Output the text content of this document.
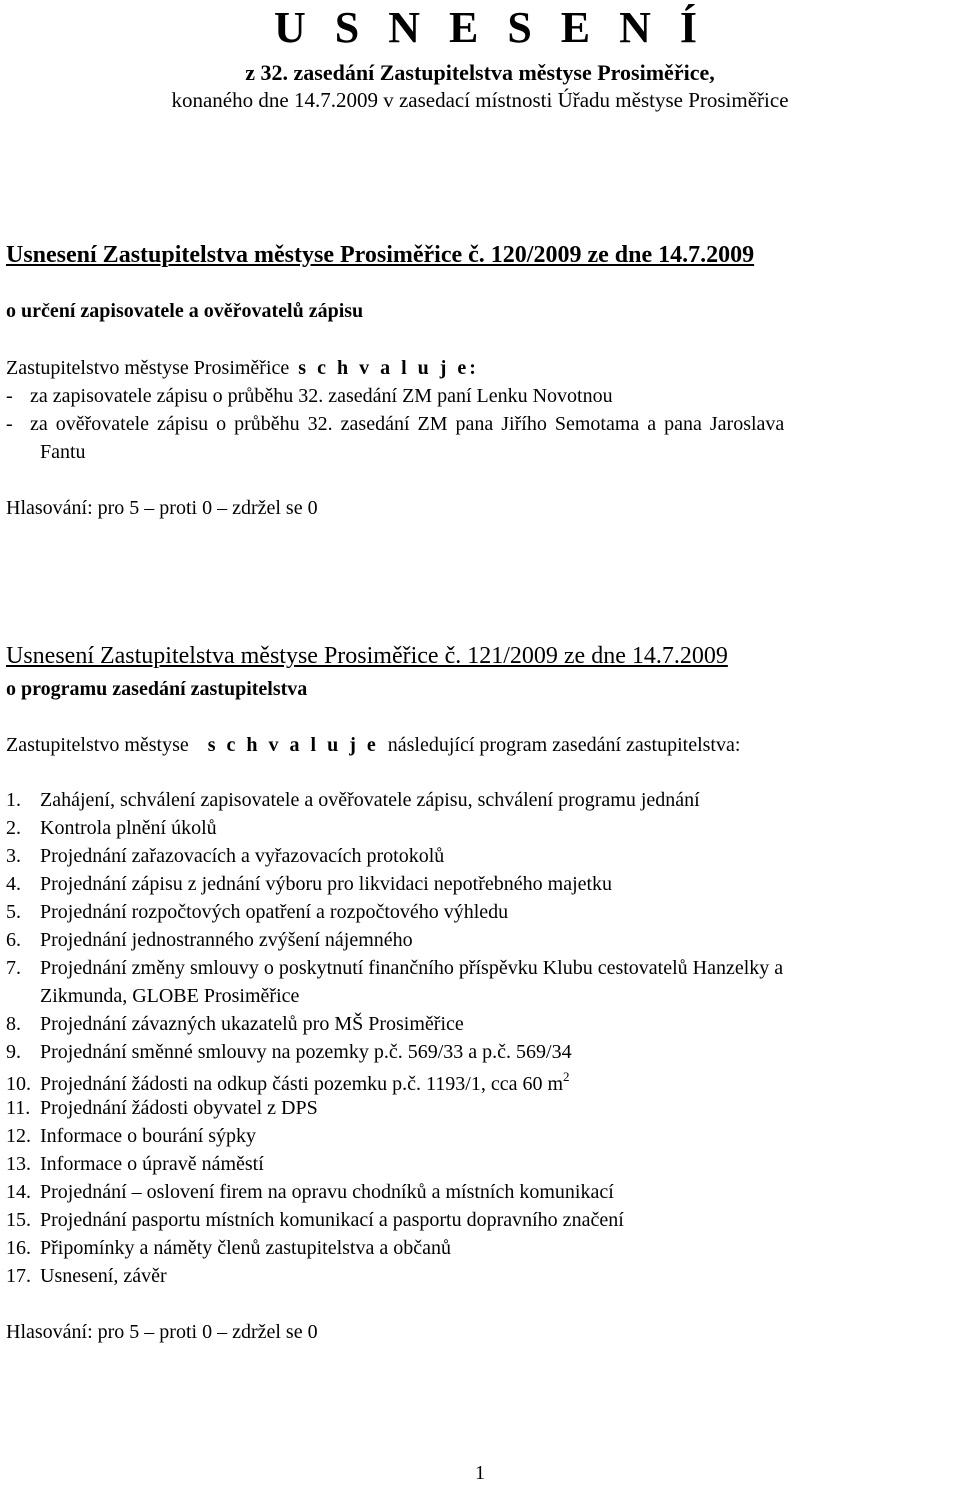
U S N E S E N Í
z 32. zasedání Zastupitelstva městyse Prosiměřice,
konaného dne 14.7.2009 v zasedací místnosti Úřadu městyse Prosiměřice
Usnesení Zastupitelstva městyse Prosiměřice č. 120/2009 ze dne 14.7.2009
o určení zapisovatele a ověřovatelů zápisu
Zastupitelstvo městyse Prosiměřice s c h v a l u j e:
- za zapisovatele zápisu o průběhu 32. zasedání ZM paní Lenku Novotnou
- za ověřovatele zápisu o průběhu 32. zasedání ZM pana Jiřího Semotama a pana Jaroslava
Fantu
Hlasování: pro 5 – proti 0 – zdržel se 0
Usnesení Zastupitelstva městyse Prosiměřice č. 121/2009 ze dne 14.7.2009
o programu zasedání zastupitelstva
Zastupitelstvo městyse s c h v a l u j e následující program zasedání zastupitelstva:
1. Zahájení, schválení zapisovatele a ověřovatele zápisu, schválení programu jednání
2. Kontrola plnění úkolů
3. Projednání zařazovacích a vyřazovacích protokolů
4. Projednání zápisu z jednání výboru pro likvidaci nepotřebného majetku
5. Projednání rozpočtových opatření a rozpočtového výhledu
6. Projednání jednostranného zvýšení nájemného
7. Projednání změny smlouvy o poskytnutí finančního příspěvku Klubu cestovatelů Hanzelky a
Zikmunda, GLOBE Prosiměřice
8. Projednání závazných ukazatelů pro MŠ Prosiměřice
9. Projednání směnné smlouvy na pozemky p.č. 569/33 a p.č. 569/34
10. Projednání žádosti na odkup části pozemku p.č. 1193/1, cca 60 $m^2$
11. Projednání žádosti obyvatel z DPS
12. Informace o bourání sýpky
13. Informace o úpravě náměstí
14. Projednání – oslovení firem na opravu chodníků a místních komunikací
15. Projednání pasportu místních komunikací a pasportu dopravního značení
16. Připomínky a náměty členů zastupitelstva a občanů
17. Usnesení, závěr
Hlasování: pro 5 – proti 0 – zdržel se 0
1
